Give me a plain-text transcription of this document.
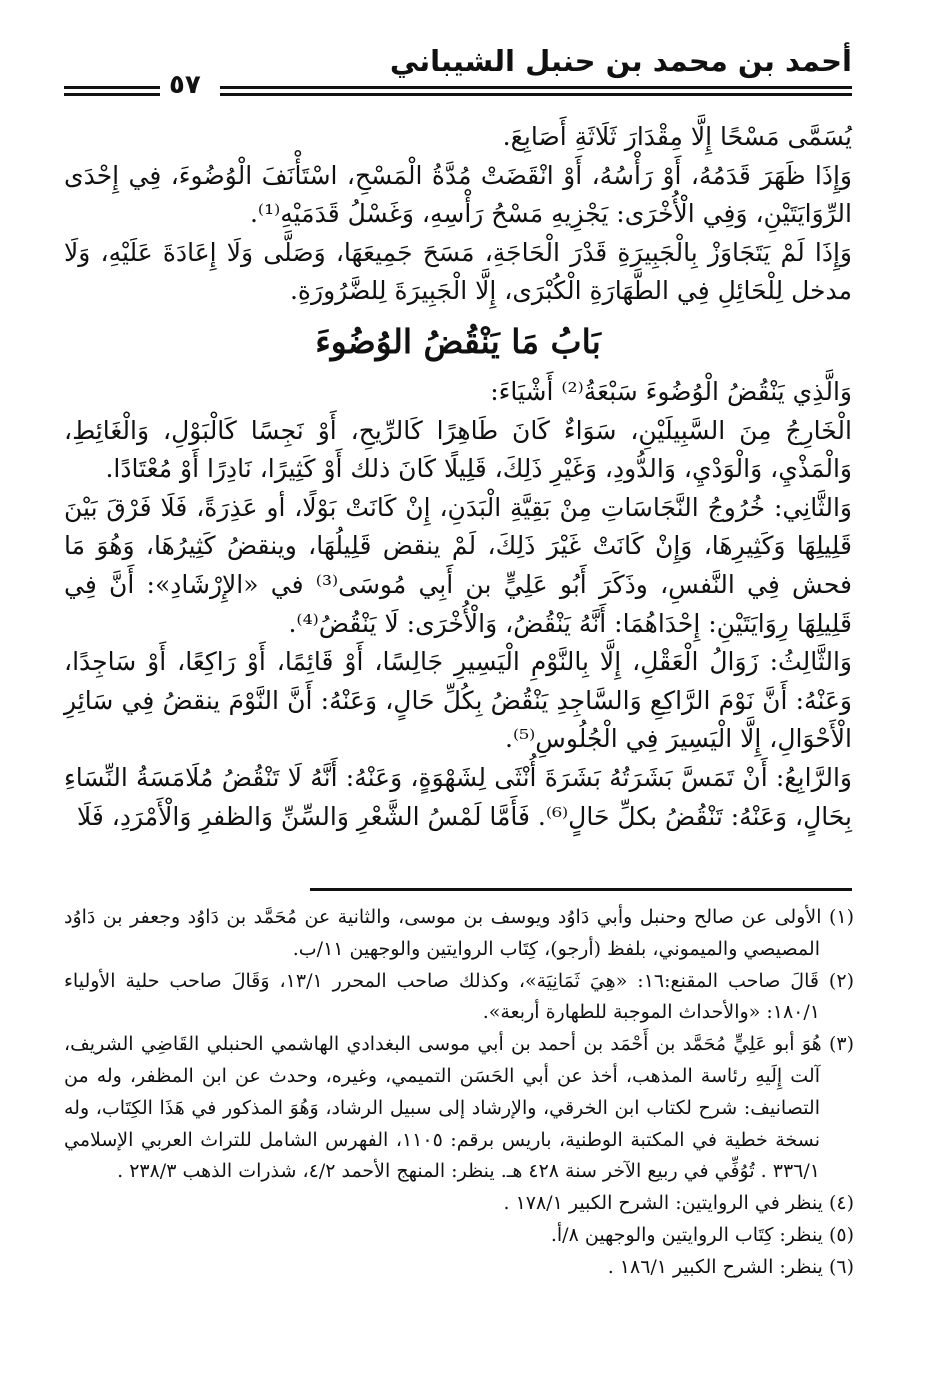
أحمد بن محمد بن حنبل الشيباني
٥٧

يُسَمَّى مَسْحًا إِلَّا مِقْدَارَ ثَلَاثَةِ أَصَابِعَ.

وَإِذَا ظَهَرَ قَدَمُهُ، أَوْ رَأْسُهُ، أَوْ انْقَضَتْ مُدَّةُ الْمَسْحِ، اسْتَأْنَفَ الْوُضُوءَ، فِي إِحْدَى الرِّوَايَتَيْنِ، وَفِي الْأُخْرَى: يَجْزِيهِ مَسْحُ رَأْسِهِ، وَغَسْلُ قَدَمَيْهِ⁽¹⁾.

وَإِذَا لَمْ يَتَجَاوَزْ بِالْجَبِيرَةِ قَدْرَ الْحَاجَةِ، مَسَحَ جَمِيعَهَا، وَصَلَّى وَلَا إِعَادَةَ عَلَيْهِ، وَلَا مدخل لِلْحَائِلِ فِي الطَّهَارَةِ الْكُبْرَى، إِلَّا الْجَبِيرَةَ لِلضَّرُورَةِ.

بَابُ مَا يَنْقُضُ الوُضُوءَ

وَالَّذِي يَنْقُضُ الْوُضُوءَ سَبْعَةُ⁽²⁾ أَشْيَاءَ:

الْخَارِجُ مِنَ السَّبِيلَيْنِ، سَوَاءٌ كَانَ طَاهِرًا كَالرِّيحِ، أَوْ نَجِسًا كَالْبَوْلِ، وَالْغَائِطِ، وَالْمَذْيِ، وَالْوَدْيِ، وَالدُّودِ، وَغَيْرِ ذَلِكَ، قَلِيلًا كَانَ ذلك أَوْ كَثِيرًا، نَادِرًا أَوْ مُعْتَادًا.

وَالثَّانِي: خُرُوجُ النَّجَاسَاتِ مِنْ بَقِيَّةِ الْبَدَنِ، إِنْ كَانَتْ بَوْلًا، أو عَذِرَةً، فَلَا فَرْقَ بَيْنَ قَلِيلِهَا وَكَثِيرِهَا، وَإِنْ كَانَتْ غَيْرَ ذَلِكَ، لَمْ ينقض قَلِيلُهَا، وينقضُ كَثِيرُهَا، وَهُوَ مَا فحش فِي النَّفسِ، وذَكَرَ أَبُو عَلِيٍّ بن أَبِي مُوسَى⁽³⁾ في «الإِرْشَادِ»: أَنَّ فِي قَلِيلِهَا رِوَايَتَيْنِ: إِحْدَاهُمَا: أَنَّهُ يَنْقُضُ، وَالْأُخْرَى: لَا يَنْقُضُ⁽⁴⁾.

وَالثَّالِثُ: زَوَالُ الْعَقْلِ، إِلَّا بِالنَّوْمِ الْيَسِيرِ جَالِسًا، أَوْ قَائِمًا، أَوْ رَاكِعًا، أَوْ سَاجِدًا، وَعَنْهُ: أَنَّ نَوْمَ الرَّاكِعِ وَالسَّاجِدِ يَنْقُضُ بِكُلِّ حَالٍ، وَعَنْهُ: أَنَّ النَّوْمَ ينقضُ فِي سَائِرِ الْأَحْوَالِ، إِلَّا الْيَسِيرَ فِي الْجُلُوسِ⁽⁵⁾.

وَالرَّابِعُ: أَنْ تَمَسَّ بَشَرَتُهُ بَشَرَةَ أُنْثَى لِشَهْوَةٍ، وَعَنْهُ: أَنَّهُ لَا تَنْقُضُ مُلَامَسَةُ النِّسَاءِ بِحَالٍ، وَعَنْهُ: تَنْقُضُ بكلِّ حَالٍ⁽⁶⁾. فَأَمَّا لَمْسُ الشَّعْرِ وَالسِّنِّ وَالظفرِ وَالْأَمْرَدِ، فَلَا

(١) الأولى عن صالح وحنبل وأبي دَاوُد ويوسف بن موسى، والثانية عن مُحَمَّد بن دَاوُد وجعفر بن دَاوُد المصيصي والميموني، بلفظ (أرجو)، كِتَاب الروايتين والوجهين ١١/ب.

(٢) قَالَ صاحب المقنع:١٦: «هِيَ ثَمَانِيَة»، وكذلك صاحب المحرر ١٣/١، وَقَالَ صاحب حلية الأولياء ١٨٠/١: «والأحداث الموجبة للطهارة أربعة».

(٣) هُوَ أبو عَلِيٍّ مُحَمَّد بن أَحْمَد بن أحمد بن أبي موسى البغدادي الهاشمي الحنبلي القَاضِي الشريف، آلت إِلَيهِ رئاسة المذهب، أخذ عن أبي الحَسَن التميمي، وغيره، وحدث عن ابن المظفر، وله من التصانيف: شرح لكتاب ابن الخرقي، والإرشاد إلى سبيل الرشاد، وَهُوَ المذكور في هَذَا الكِتَاب، وله نسخة خطية في المكتبة الوطنية، باريس برقم: ١١٠٥، الفهرس الشامل للتراث العربي الإسلامي ٣٣٦/١ . تُوُفِّي في ربيع الآخر سنة ٤٢٨ هـ. ينظر: المنهج الأحمد ٤/٢، شذرات الذهب ٢٣٨/٣ .

(٤) ينظر في الروايتين: الشرح الكبير ١٧٨/١ .

(٥) ينظر: كِتَاب الروايتين والوجهين ٨/أ.

(٦) ينظر: الشرح الكبير ١٨٦/١ .
